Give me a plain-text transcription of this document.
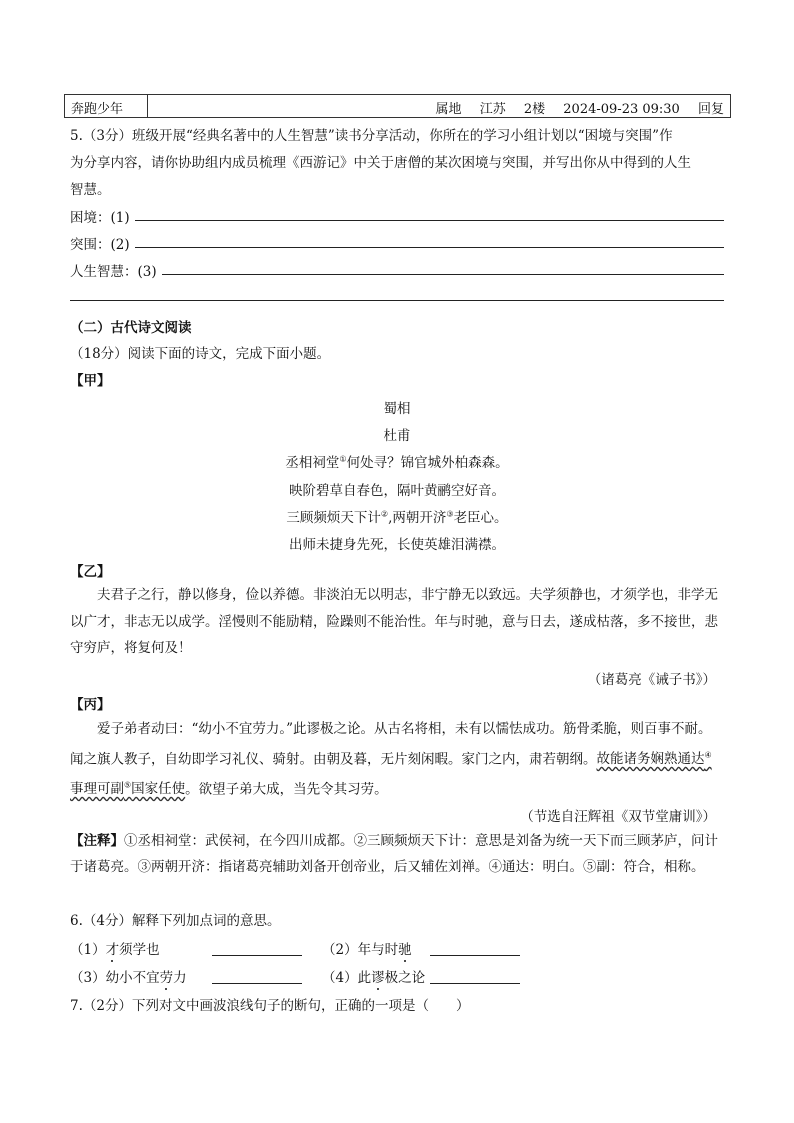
奔跑少年	属地 江苏 2楼 2024-09-23 09:30 回复
5.（3分）班级开展“经典名著中的人生智慧”读书分享活动，你所在的学习小组计划以“困境与突围”作
为分享内容，请你协助组内成员梳理《西游记》中关于唐僧的某次困境与突围，并写出你从中得到的人生
智慧。
困境：(1)
突围：(2)
人生智慧：(3)
（二）古代诗文阅读
（18分）阅读下面的诗文，完成下面小题。
【甲】
蜀相
杜甫
丞相祠堂①何处寻？锦官城外柏森森。
映阶碧草自春色，隔叶黄鹂空好音。
三顾频烦天下计②,两朝开济③老臣心。
出师未捷身先死，长使英雄泪满襟。
【乙】
夫君子之行，静以修身，俭以养德。非淡泊无以明志，非宁静无以致远。夫学须静也，才须学也，非学无以广才，非志无以成学。淫慢则不能励精，险躁则不能治性。年与时驰，意与日去，遂成枯落，多不接世，悲守穷庐，将复何及！
（诸葛亮《诫子书》）
【丙】
爱子弟者动曰：“幼小不宜劳力。”此谬极之论。从古名将相，未有以懦怯成功。筋骨柔脆，则百事不耐。闻之旗人教子，自幼即学习礼仪、骑射。由朝及暮，无片刻闲暇。家门之内，肃若朝纲。故能诸务娴熟通达④事理可副⑤国家任使。欲望子弟大成，当先令其习劳。
（节选自汪辉祖《双节堂庸训》）
【注释】①丞相祠堂：武侯祠，在今四川成都。②三顾频烦天下计：意思是刘备为统一天下而三顾茅庐，问计于诸葛亮。③两朝开济：指诸葛亮辅助刘备开创帝业，后又辅佐刘禅。④通达：明白。⑤副：符合，相称。
6.（4分）解释下列加点词的意思。
（1）才须学也	（2）年与时驰
（3）幼小不宜劳力	（4）此谬极之论
7.（2分）下列对文中画波浪线句子的断句，正确的一项是（　　）
